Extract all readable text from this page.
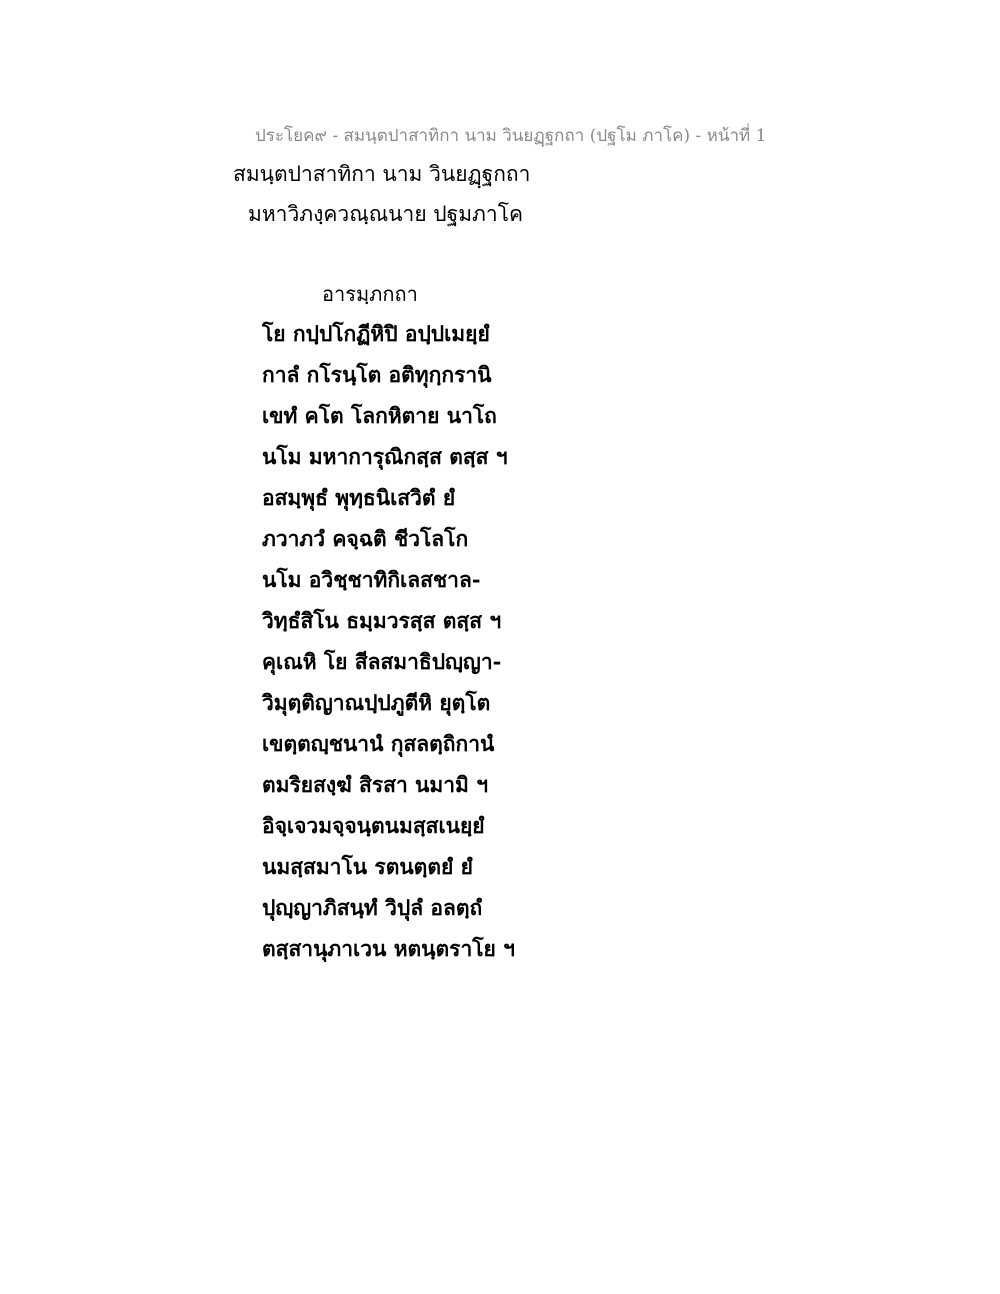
ประโยค๙ - สมนฺตปาสาทิกา นาม วินยฏฺฐกถา (ปฐโม ภาโค) - หน้าที่ 1
สมนฺตปาสาทิกา นาม วินยฏฺฐกถา
มหาวิภงฺควณฺณนาย ปฐมภาโค
อารมฺภกถา
โย กปฺปโกฏีหิปิ อปฺปเมยฺยํ
กาลํ กโรนฺโต อติทุกฺกรานิ
เขทํ คโต โลกหิตาย นาโถ
นโม มหาการุณิกสฺส ตสฺส ฯ
อสมฺพุธํ พุทฺธนิเสวิตํ ยํ
ภวาภวํ คจฺฉติ ชีวโลโก
นโม อวิชฺชาทิกิเลสชาล-
วิทฺธํสิโน ธมฺมวรสฺส ตสฺส ฯ
คุเณหิ โย สีลสมาธิปญฺญา-
วิมุตฺติญาณปฺปภูตีหิ ยุตฺโต
เขตฺตญฺชนานํ กุสลตฺถิกานํ
ตมริยสงฺฆํ สิรสา นมามิ ฯ
อิจฺเจวมจฺจนฺตนมสฺสเนยฺยํ
นมสฺสมาโน รตนตฺตยํ ยํ
ปุญฺญาภิสนฺทํ วิปุลํ อลตฺถํ
ตสฺสานุภาเวน หตนฺตราโย ฯ
